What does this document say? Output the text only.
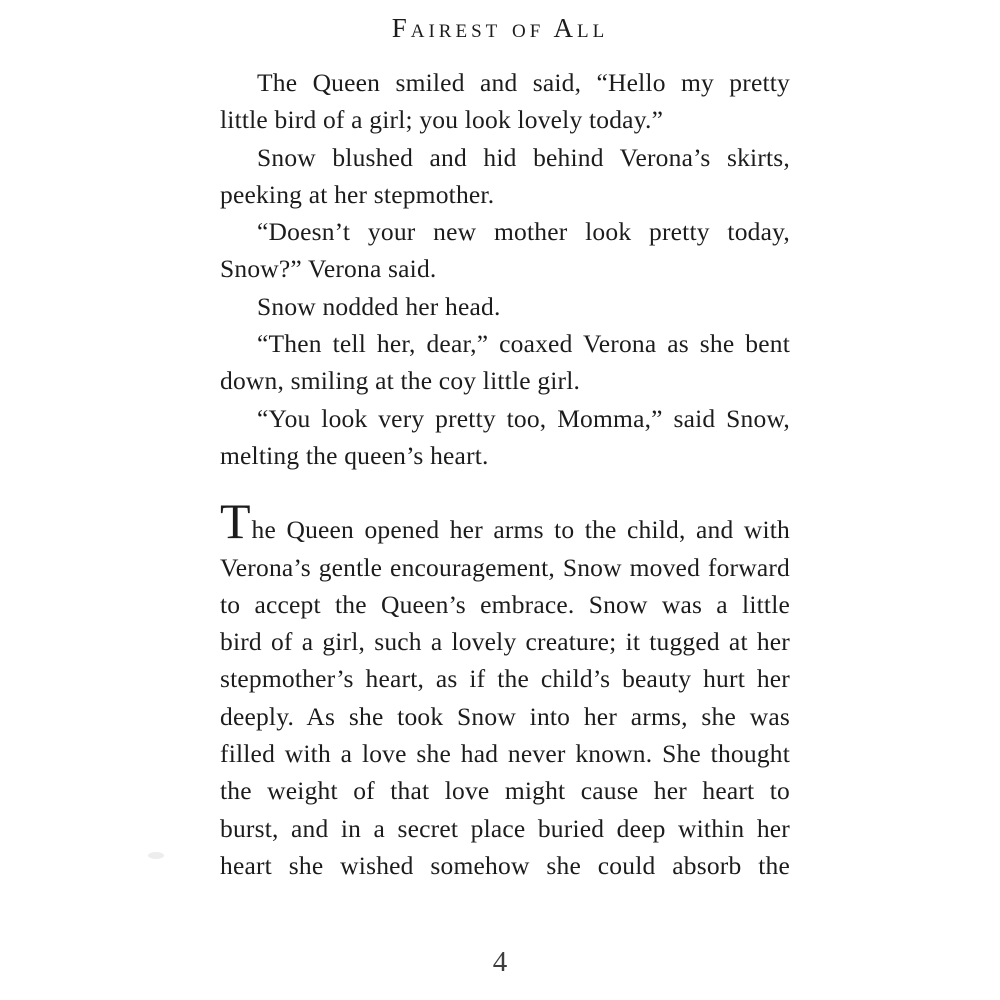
Fairest of All
The Queen smiled and said, “Hello my pretty
little bird of a girl; you look lovely today.”
Snow blushed and hid behind Verona’s skirts,
peeking at her stepmother.
“Doesn’t your new mother look pretty today,
Snow?” Verona said.
Snow nodded her head.
“Then tell her, dear,” coaxed Verona as she bent
down, smiling at the coy little girl.
“You look very pretty too, Momma,” said Snow,
melting the queen’s heart.
The Queen opened her arms to the child, and with
Verona’s gentle encouragement, Snow moved forward
to accept the Queen’s embrace. Snow was a little
bird of a girl, such a lovely creature; it tugged at her
stepmother’s heart, as if the child’s beauty hurt her
deeply. As she took Snow into her arms, she was
filled with a love she had never known. She thought
the weight of that love might cause her heart to
burst, and in a secret place buried deep within her
heart she wished somehow she could absorb the
4
